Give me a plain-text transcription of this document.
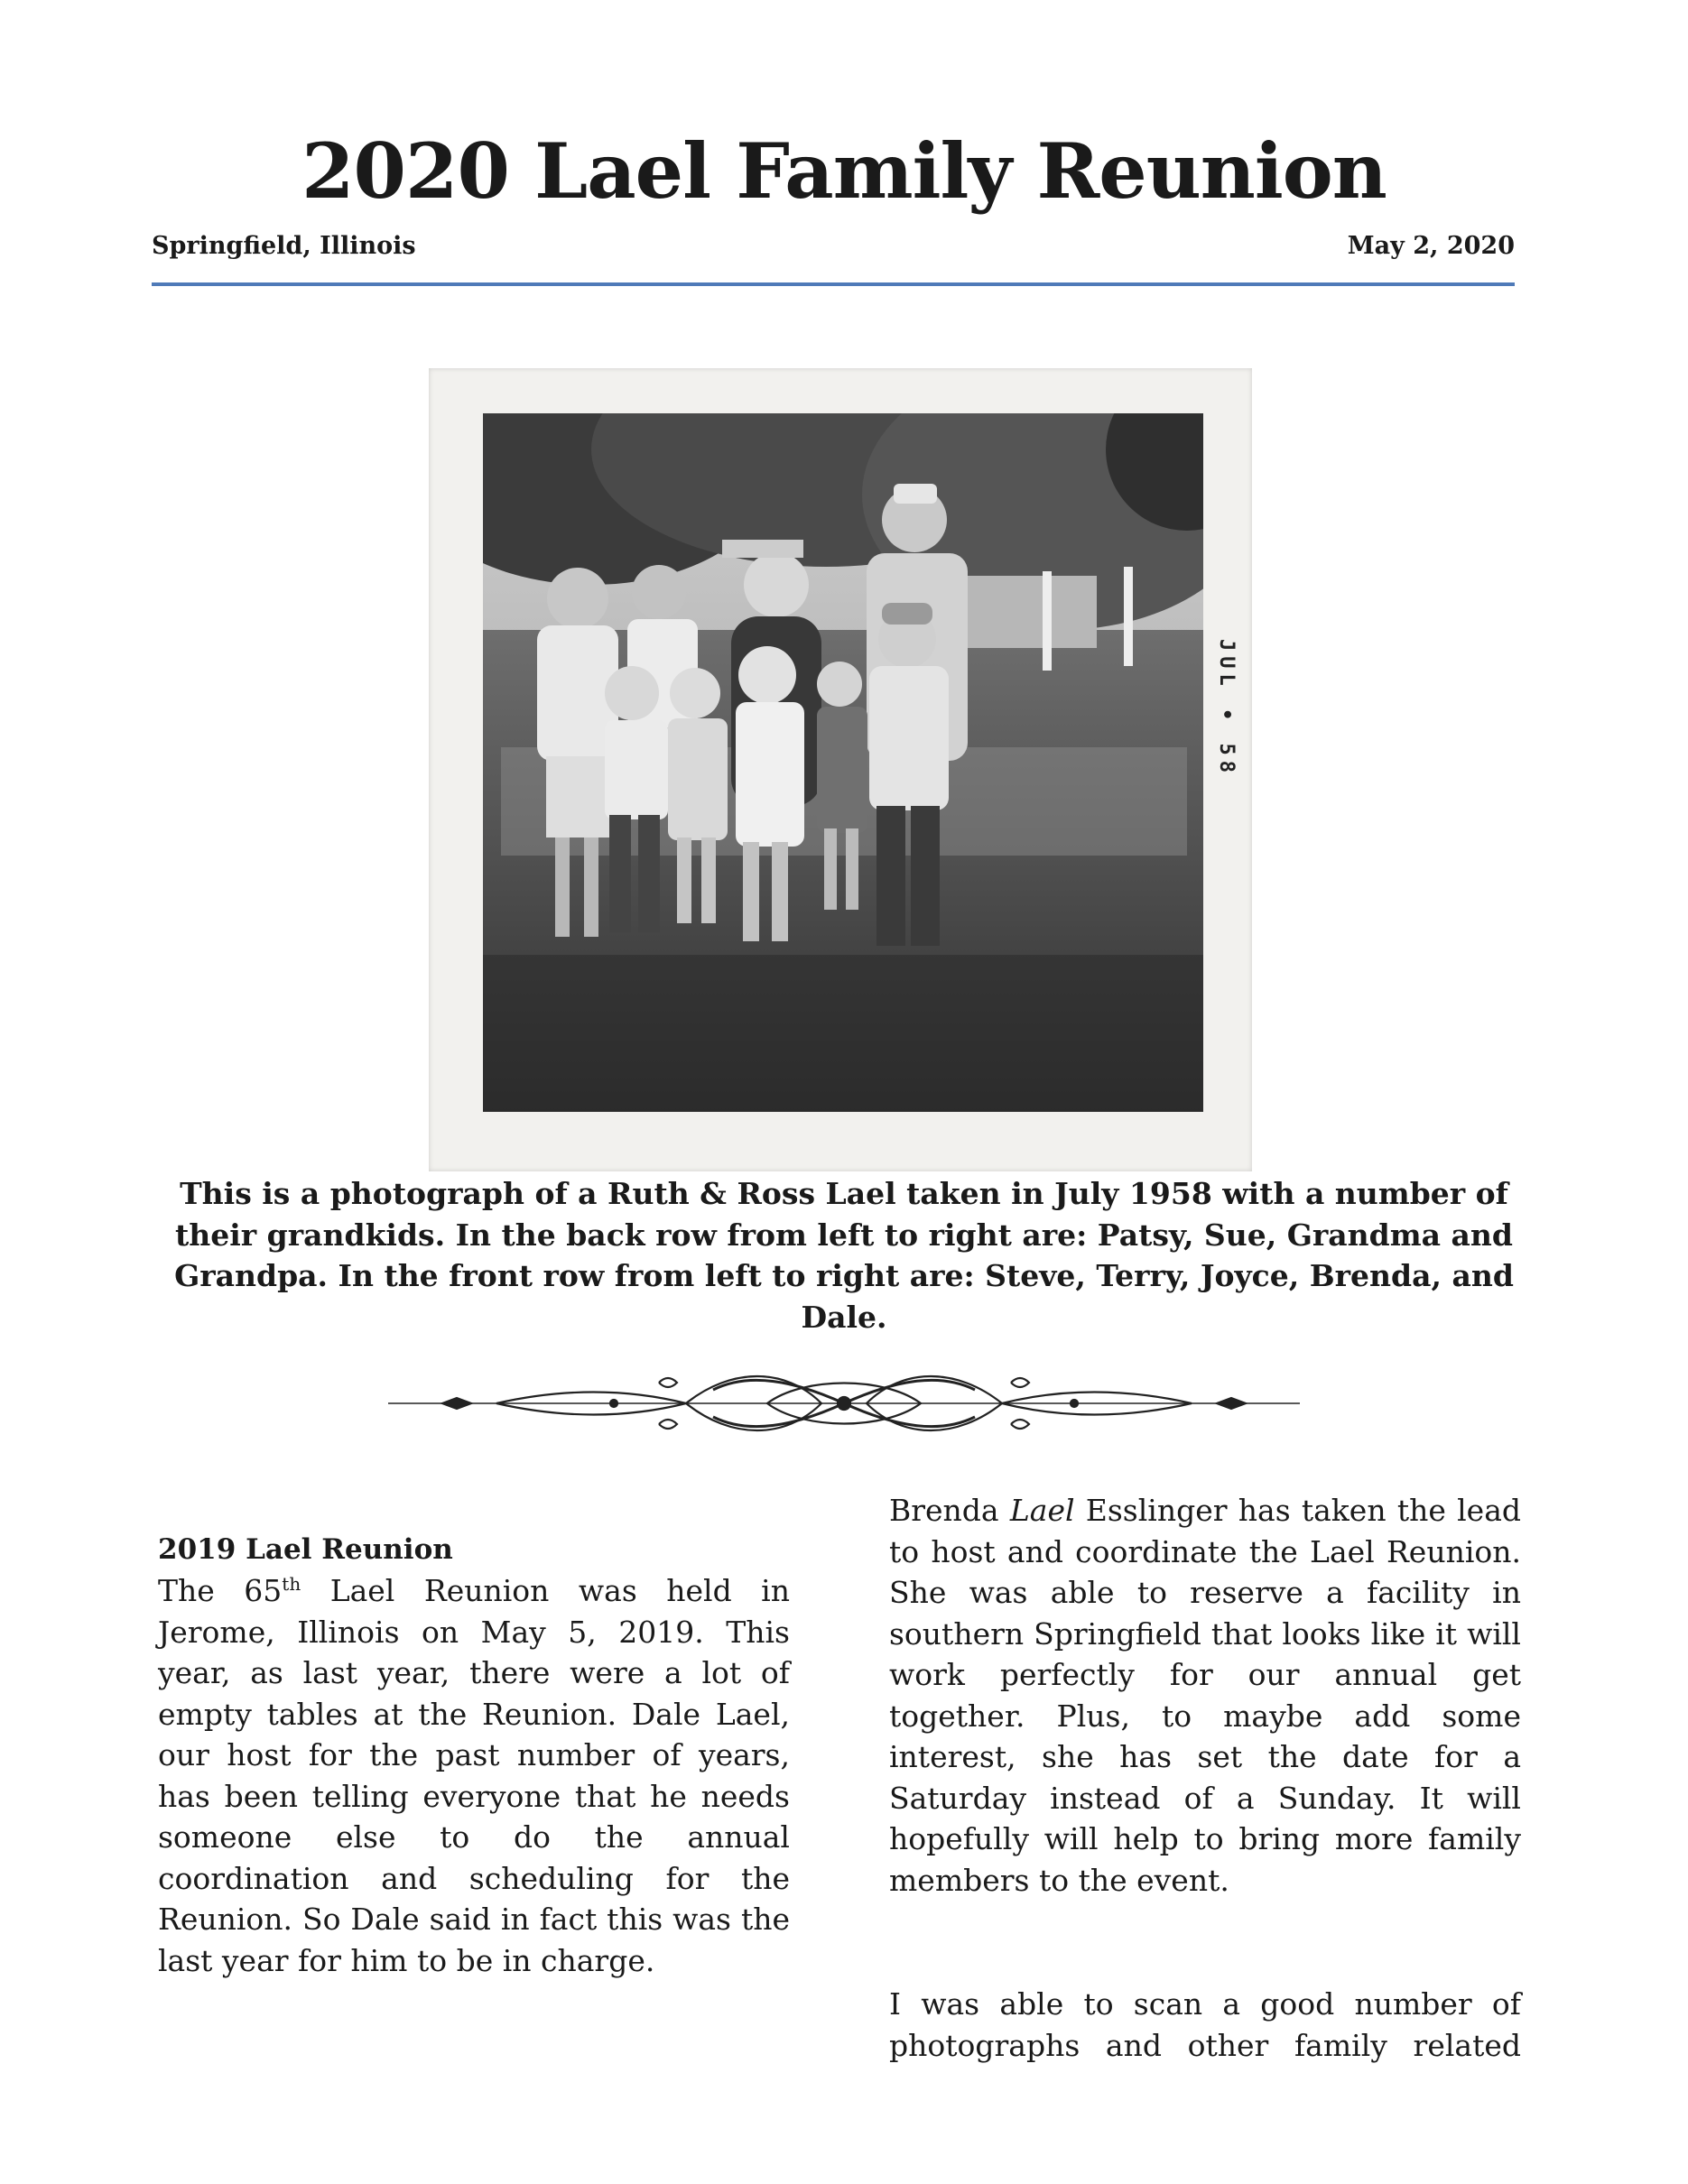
2020 Lael Family Reunion
Springfield, Illinois	May 2, 2020
JUL • 58
This is a photograph of a Ruth & Ross Lael taken in July 1958 with a number of their grandkids. In the back row from left to right are: Patsy, Sue, Grandma and Grandpa. In the front row from left to right are: Steve, Terry, Joyce, Brenda, and Dale.
2019 Lael Reunion

The 65th Lael Reunion was held in Jerome, Illinois on May 5, 2019. This year, as last year, there were a lot of empty tables at the Reunion. Dale Lael, our host for the past number of years, has been telling everyone that he needs someone else to do the annual coordination and scheduling for the Reunion. So Dale said in fact this was the last year for him to be in charge.

Brenda Lael Esslinger has taken the lead to host and coordinate the Lael Reunion. She was able to reserve a facility in southern Springfield that looks like it will work perfectly for our annual get together. Plus, to maybe add some interest, she has set the date for a Saturday instead of a Sunday. It will hopefully will help to bring more family members to the event.

I was able to scan a good number of photographs and other family related
